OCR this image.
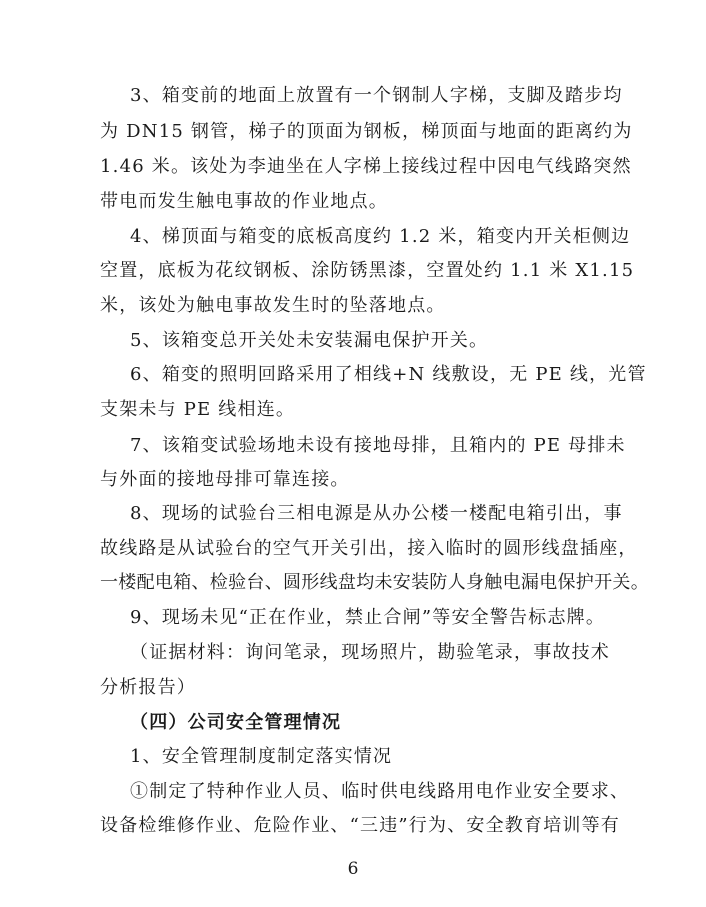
3、箱变前的地面上放置有一个钢制人字梯，支脚及踏步均
为 DN15 钢管，梯子的顶面为钢板，梯顶面与地面的距离约为
1.46 米。该处为李迪坐在人字梯上接线过程中因电气线路突然
带电而发生触电事故的作业地点。
4、梯顶面与箱变的底板高度约 1.2 米，箱变内开关柜侧边
空置，底板为花纹钢板、涂防锈黑漆，空置处约 1.1 米 X1.15
米，该处为触电事故发生时的坠落地点。
5、该箱变总开关处未安装漏电保护开关。
6、箱变的照明回路采用了相线+N 线敷设，无 PE 线，光管
支架未与 PE 线相连。
7、该箱变试验场地未设有接地母排，且箱内的 PE 母排未
与外面的接地母排可靠连接。
8、现场的试验台三相电源是从办公楼一楼配电箱引出，事
故线路是从试验台的空气开关引出，接入临时的圆形线盘插座，
一楼配电箱、检验台、圆形线盘均未安装防人身触电漏电保护开关。
9、现场未见“正在作业，禁止合闸”等安全警告标志牌。
（证据材料：询问笔录，现场照片，勘验笔录，事故技术
分析报告）
（四）公司安全管理情况
1、安全管理制度制定落实情况
①制定了特种作业人员、临时供电线路用电作业安全要求、
设备检维修作业、危险作业、“三违”行为、安全教育培训等有
6
